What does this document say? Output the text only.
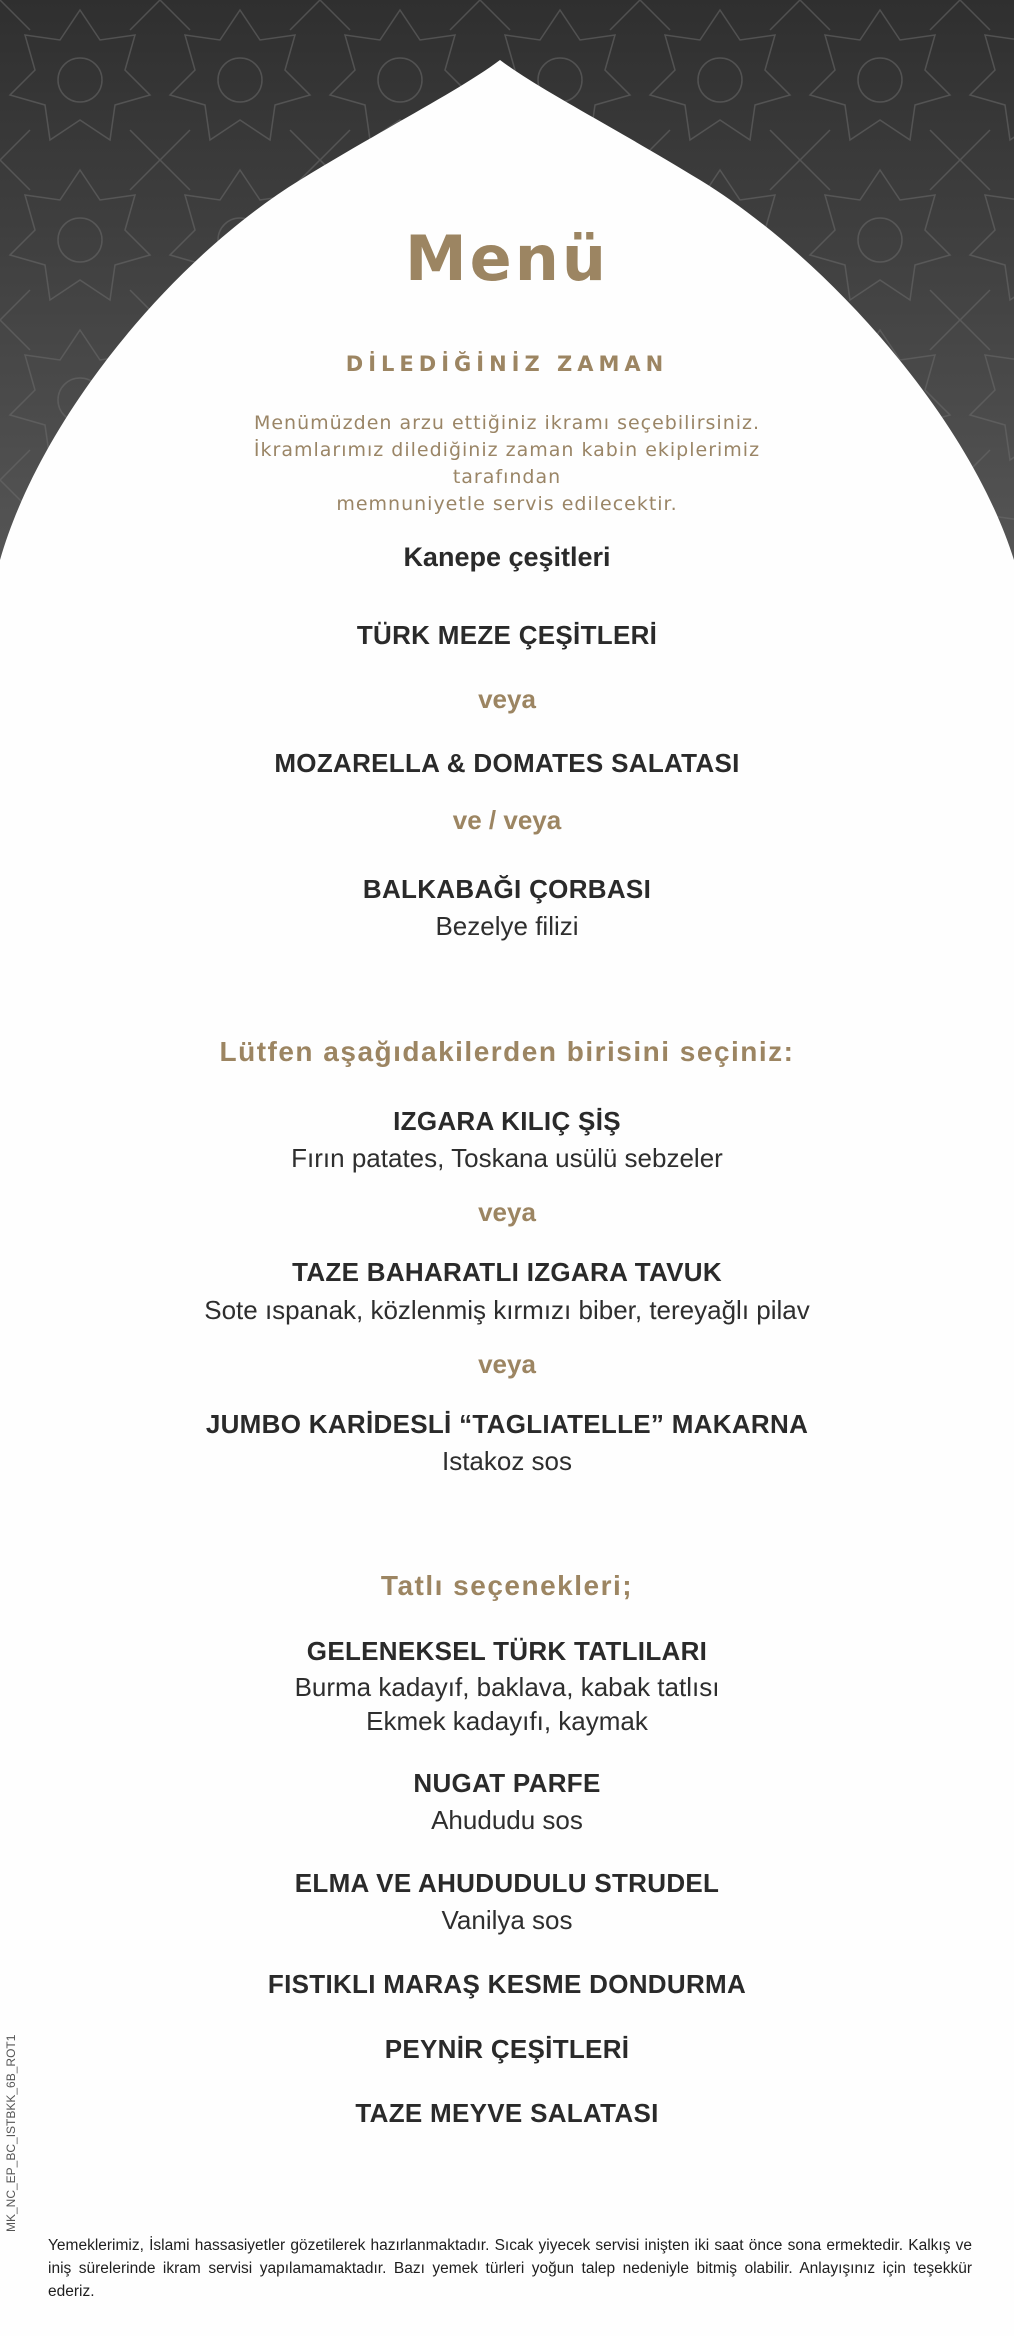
Menü
DİLEDİĞİNİZ ZAMAN
Menümüzden arzu ettiğiniz ikramı seçebilirsiniz.
İkramlarımız dilediğiniz zaman kabin ekiplerimiz tarafından
memnuniyetle servis edilecektir.
Kanepe çeşitleri
TÜRK MEZE ÇEŞİTLERİ
veya
MOZARELLA & DOMATES SALATASI
ve / veya
BALKABAĞI ÇORBASI
Bezelye filizi
Lütfen aşağıdakilerden birisini seçiniz:
IZGARA KILIÇ ŞİŞ
Fırın patates, Toskana usülü sebzeler
veya
TAZE BAHARATLI IZGARA TAVUK
Sote ıspanak, közlenmiş kırmızı biber, tereyağlı pilav
veya
JUMBO KARİDESLİ “TAGLIATELLE” MAKARNA
Istakoz sos
Tatlı seçenekleri;
GELENEKSEL TÜRK TATLILARI
Burma kadayıf, baklava, kabak tatlısı
Ekmek kadayıfı, kaymak
NUGAT PARFE
Ahududu sos
ELMA VE AHUDUDULU STRUDEL
Vanilya sos
FISTIKLI MARAŞ KESME DONDURMA
PEYNİR ÇEŞİTLERİ
TAZE MEYVE SALATASI
Yemeklerimiz, İslami hassasiyetler gözetilerek hazırlanmaktadır. Sıcak yiyecek servisi inişten iki saat önce sona ermektedir. Kalkış ve iniş sürelerinde ikram servisi yapılamamaktadır. Bazı yemek türleri yoğun talep nedeniyle bitmiş olabilir. Anlayışınız için teşekkür ederiz.
MK_NC_EP_BC_ISTBKK_6B_ROT1
